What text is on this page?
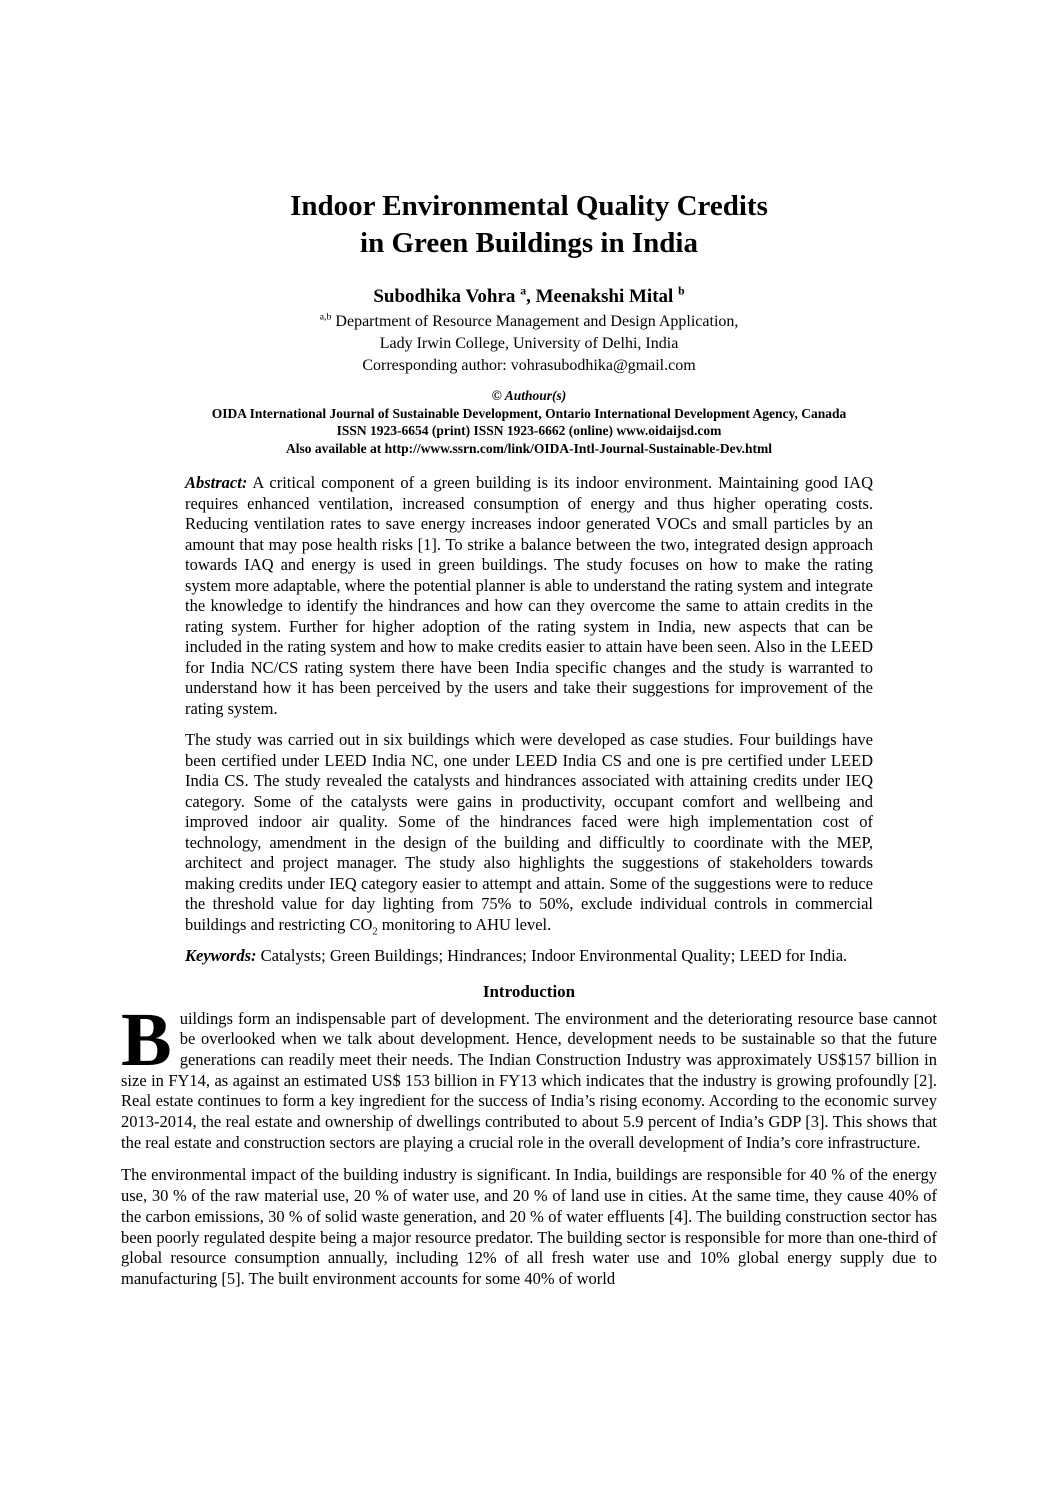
Indoor Environmental Quality Credits
in Green Buildings in India
Subodhika Vohra $^a$, Meenakshi Mital $^b$
$^{a,b}$ Department of Resource Management and Design Application,
Lady Irwin College, University of Delhi, India
Corresponding author: vohrasubodhika@gmail.com
© Authour(s)
OIDA International Journal of Sustainable Development, Ontario International Development Agency, Canada
ISSN 1923-6654 (print) ISSN 1923-6662 (online) www.oidaijsd.com
Also available at http://www.ssrn.com/link/OIDA-Intl-Journal-Sustainable-Dev.html

Abstract: A critical component of a green building is its indoor environment. Maintaining good IAQ requires enhanced ventilation, increased consumption of energy and thus higher operating costs. Reducing ventilation rates to save energy increases indoor generated VOCs and small particles by an amount that may pose health risks [1]. To strike a balance between the two, integrated design approach towards IAQ and energy is used in green buildings. The study focuses on how to make the rating system more adaptable, where the potential planner is able to understand the rating system and integrate the knowledge to identify the hindrances and how can they overcome the same to attain credits in the rating system. Further for higher adoption of the rating system in India, new aspects that can be included in the rating system and how to make credits easier to attain have been seen. Also in the LEED for India NC/CS rating system there have been India specific changes and the study is warranted to understand how it has been perceived by the users and take their suggestions for improvement of the rating system.

The study was carried out in six buildings which were developed as case studies. Four buildings have been certified under LEED India NC, one under LEED India CS and one is pre certified under LEED India CS. The study revealed the catalysts and hindrances associated with attaining credits under IEQ category. Some of the catalysts were gains in productivity, occupant comfort and wellbeing and improved indoor air quality. Some of the hindrances faced were high implementation cost of technology, amendment in the design of the building and difficultly to coordinate with the MEP, architect and project manager. The study also highlights the suggestions of stakeholders towards making credits under IEQ category easier to attempt and attain. Some of the suggestions were to reduce the threshold value for day lighting from 75% to 50%, exclude individual controls in commercial buildings and restricting $CO_2$ monitoring to AHU level.

Keywords: Catalysts; Green Buildings; Hindrances; Indoor Environmental Quality; LEED for India.

Introduction

Buildings form an indispensable part of development. The environment and the deteriorating resource base cannot be overlooked when we talk about development. Hence, development needs to be sustainable so that the future generations can readily meet their needs. The Indian Construction Industry was approximately US$157 billion in size in FY14, as against an estimated US$ 153 billion in FY13 which indicates that the industry is growing profoundly [2]. Real estate continues to form a key ingredient for the success of India’s rising economy. According to the economic survey 2013-2014, the real estate and ownership of dwellings contributed to about 5.9 percent of India’s GDP [3]. This shows that the real estate and construction sectors are playing a crucial role in the overall development of India’s core infrastructure.

The environmental impact of the building industry is significant. In India, buildings are responsible for 40 % of the energy use, 30 % of the raw material use, 20 % of water use, and 20 % of land use in cities. At the same time, they cause 40% of the carbon emissions, 30 % of solid waste generation, and 20 % of water effluents [4]. The building construction sector has been poorly regulated despite being a major resource predator. The building sector is responsible for more than one-third of global resource consumption annually, including 12% of all fresh water use and 10% global energy supply due to manufacturing [5]. The built environment accounts for some 40% of world
